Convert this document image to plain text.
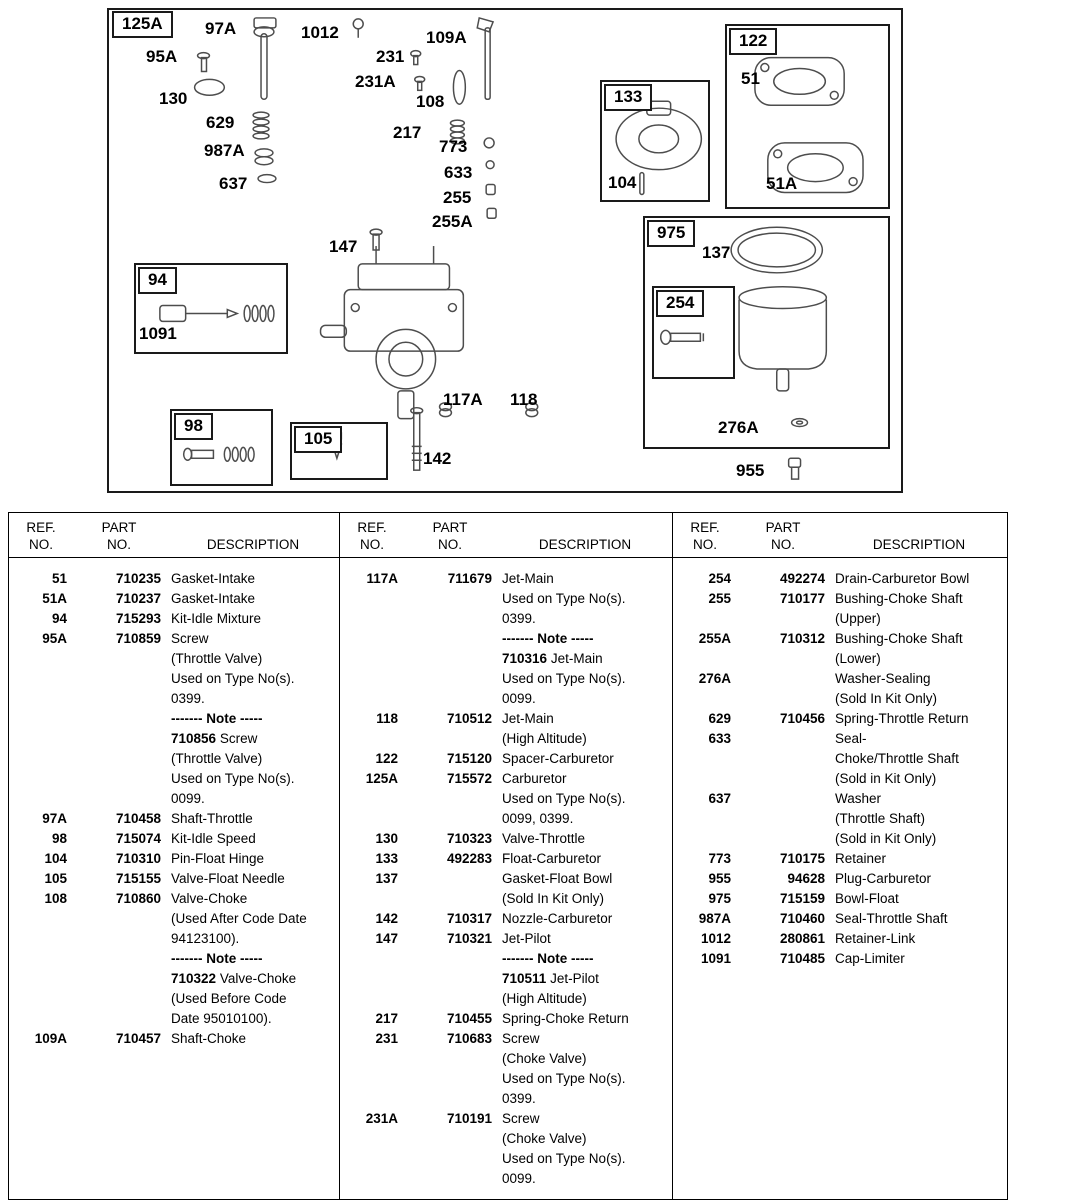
125A	97A	1012	109A
95A	231
231A
130	108
629
217
987A	773
637
633
255
255A
147
122
51
133
104	51A
975
137
254
94
1091
98
105
117A 118
142
276A
955
REF.
NO.
PART
NO.	DESCRIPTION
51	710235 Gasket-Intake
51A	710237 Gasket-Intake
94	715293 Kit-Idle Mixture
95A	710859 Screw
(Throttle Valve)
Used on Type No(s).
0399.
------- Note -----
710856 Screw
(Throttle Valve)
Used on Type No(s).
0099.
97A	710458 Shaft-Throttle
98	715074 Kit-Idle Speed
104	710310 Pin-Float Hinge
105	715155 Valve-Float Needle
108	710860 Valve-Choke
(Used After Code Date
94123100).
------- Note -----
710322 Valve-Choke
(Used Before Code
Date 95010100).
109A	710457 Shaft-Choke
REF.
NO.
PART
NO.	DESCRIPTION
117A	711679 Jet-Main
Used on Type No(s).
0399.
------- Note -----
710316 Jet-Main
Used on Type No(s).
0099.
118	710512 Jet-Main
(High Altitude)
122	715120 Spacer-Carburetor
125A	715572 Carburetor
Used on Type No(s).
0099, 0399.
130	710323 Valve-Throttle
133	492283 Float-Carburetor
137	Gasket-Float Bowl
(Sold In Kit Only)
142	710317 Nozzle-Carburetor
147	710321 Jet-Pilot
------- Note -----
710511 Jet-Pilot
(High Altitude)
217	710455 Spring-Choke Return
231	710683 Screw
(Choke Valve)
Used on Type No(s).
0399.
231A	710191 Screw
(Choke Valve)
Used on Type No(s).
0099.
REF.
NO.
PART
NO.	DESCRIPTION
254	492274 Drain-Carburetor Bowl
255	710177 Bushing-Choke Shaft
(Upper)
255A	710312 Bushing-Choke Shaft
(Lower)
276A	Washer-Sealing
(Sold In Kit Only)
629	710456 Spring-Throttle Return
633	Seal-
Choke/Throttle Shaft
(Sold in Kit Only)
637	Washer
(Throttle Shaft)
(Sold in Kit Only)
773	710175 Retainer
955	94628 Plug-Carburetor
975	715159 Bowl-Float
987A	710460 Seal-Throttle Shaft
1012	280861 Retainer-Link
1091	710485 Cap-Limiter
